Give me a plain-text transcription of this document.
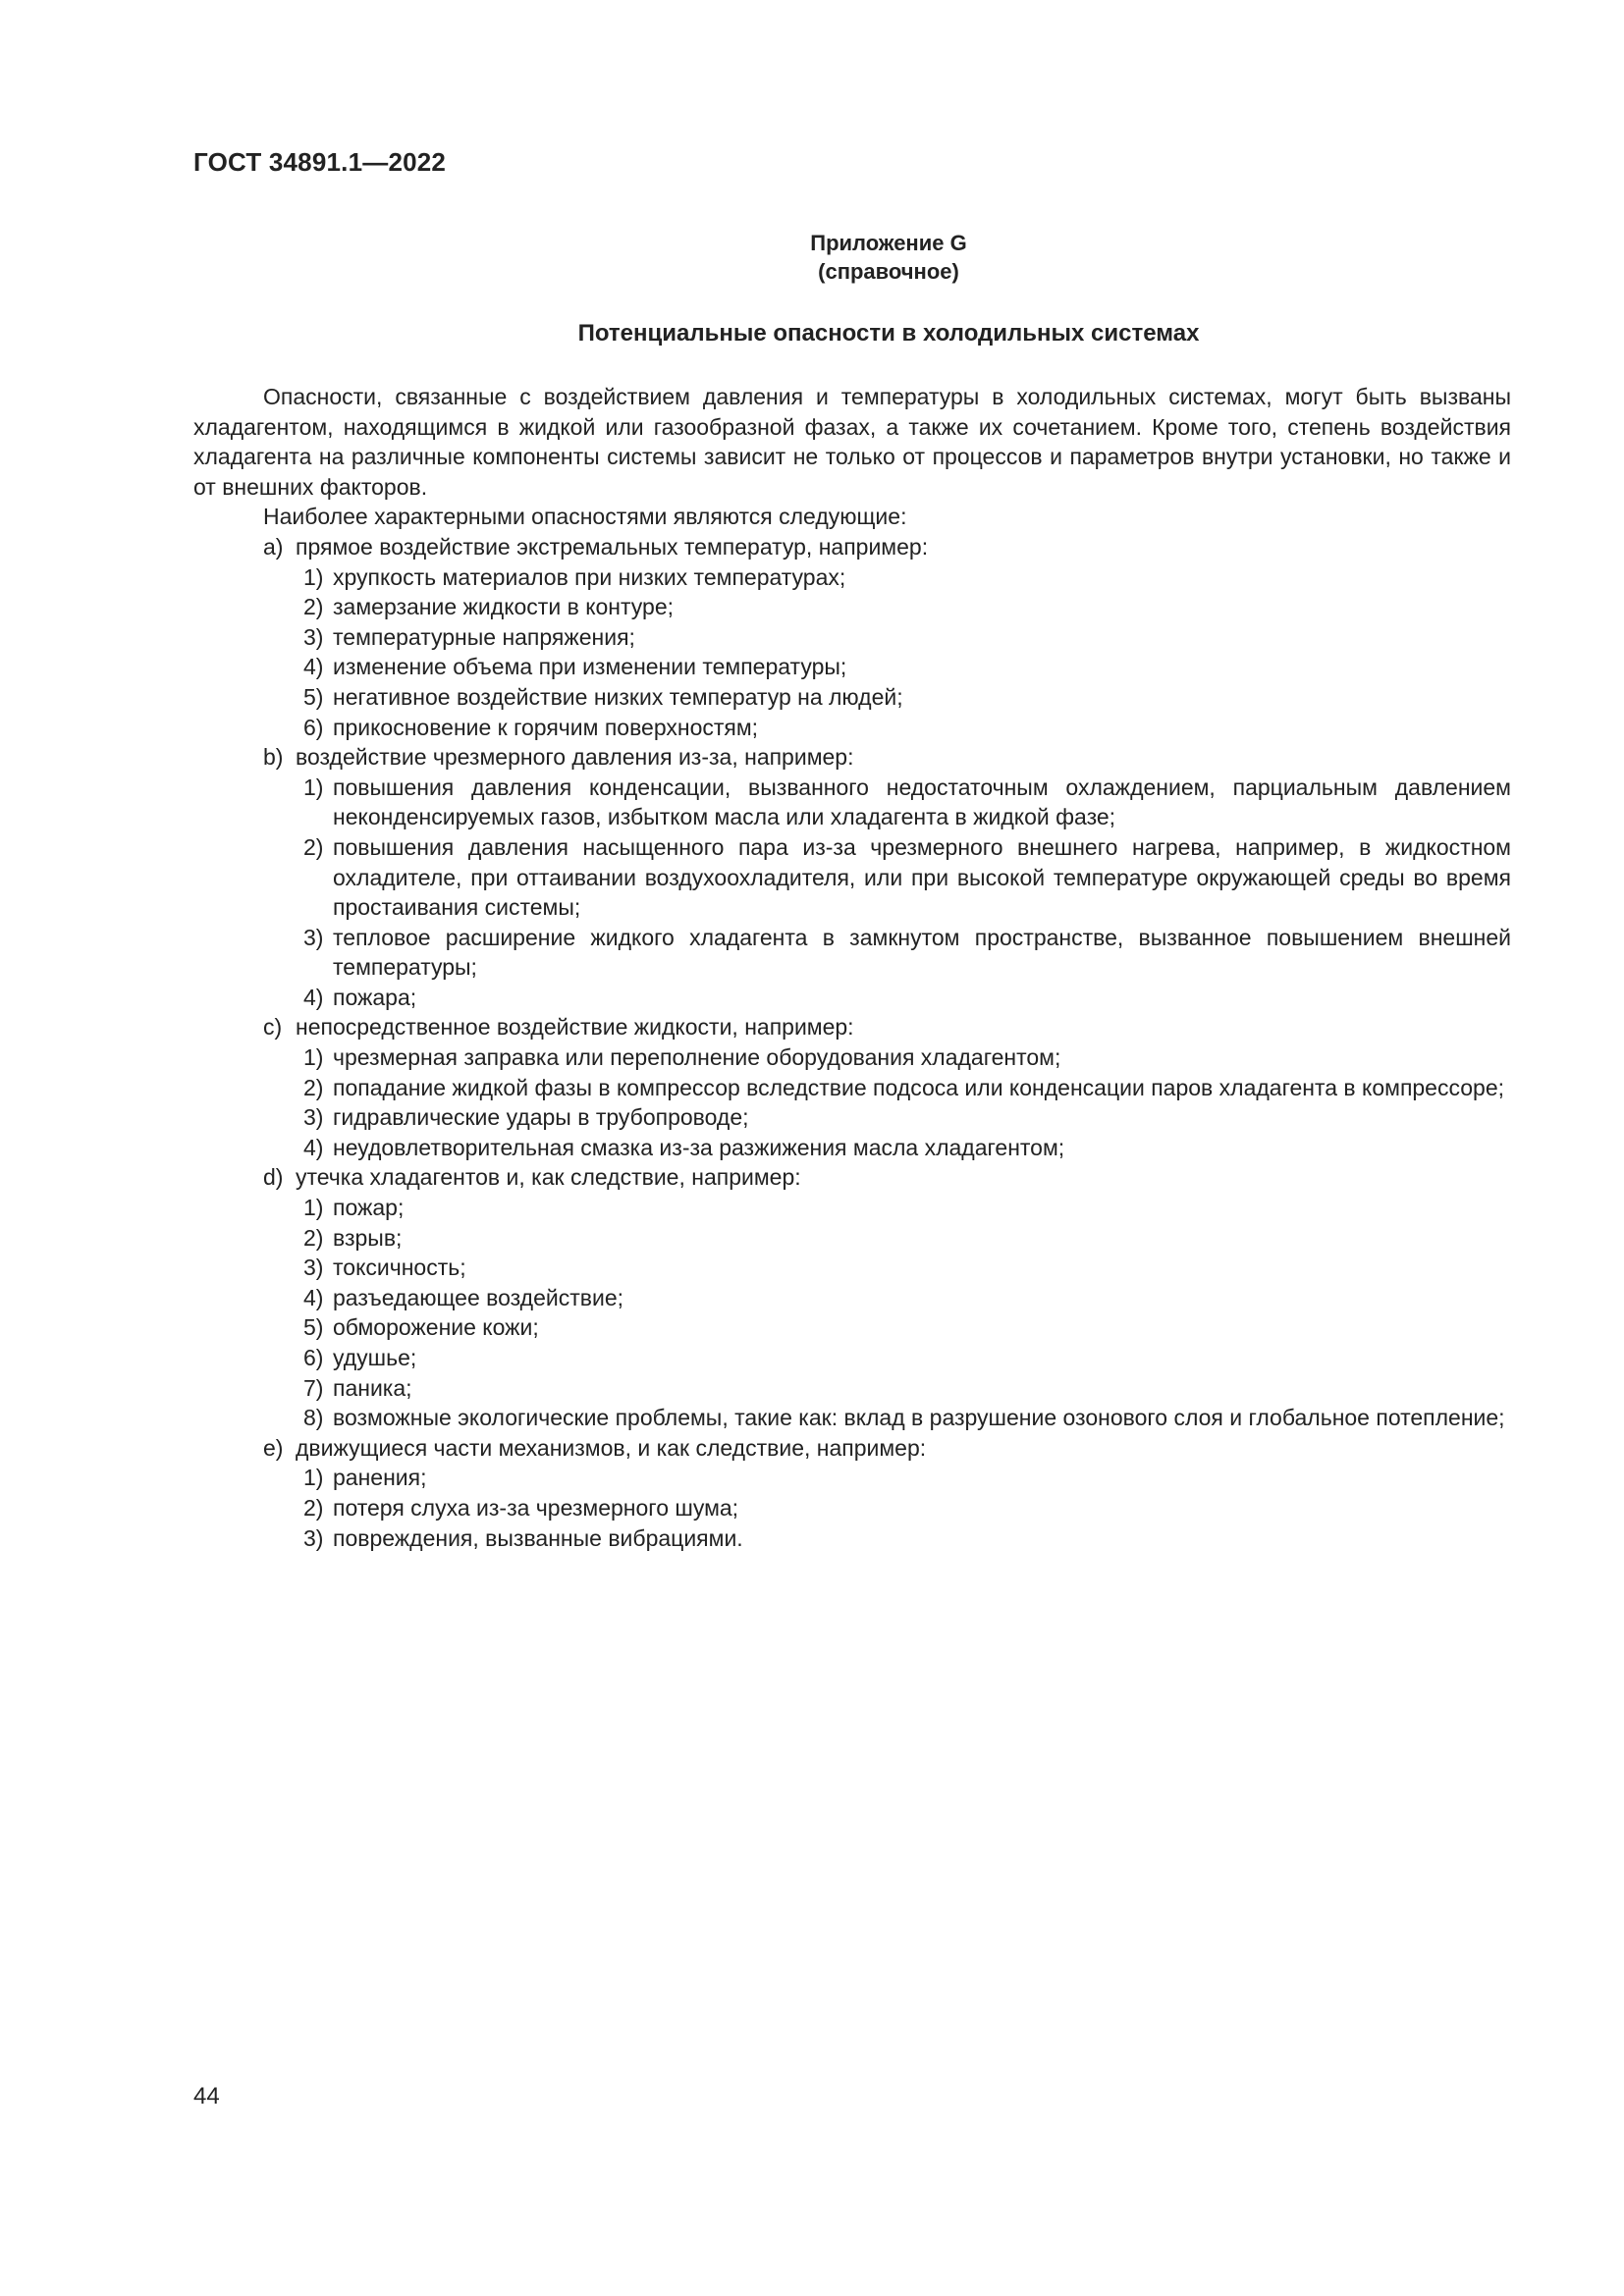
ГОСТ 34891.1—2022
Приложение G
(справочное)
Потенциальные опасности в холодильных системах

Опасности, связанные с воздействием давления и температуры в холодильных системах, могут быть вызваны хладагентом, находящимся в жидкой или газообразной фазах, а также их сочетанием. Кроме того, степень воздействия хладагента на различные компоненты системы зависит не только от процессов и параметров внутри установки, но также и от внешних факторов.

Наиболее характерными опасностями являются следующие:

а) прямое воздействие экстремальных температур, например:
1) хрупкость материалов при низких температурах;
2) замерзание жидкости в контуре;
3) температурные напряжения;
4) изменение объема при изменении температуры;
5) негативное воздействие низких температур на людей;
6) прикосновение к горячим поверхностям;
b) воздействие чрезмерного давления из-за, например:
1) повышения давления конденсации, вызванного недостаточным охлаждением, парциальным давлением неконденсируемых газов, избытком масла или хладагента в жидкой фазе;
2) повышения давления насыщенного пара из-за чрезмерного внешнего нагрева, например, в жидкостном охладителе, при оттаивании воздухоохладителя, или при высокой температуре окружающей среды во время простаивания системы;
3) тепловое расширение жидкого хладагента в замкнутом пространстве, вызванное повышением внешней температуры;
4) пожара;
с) непосредственное воздействие жидкости, например:
1) чрезмерная заправка или переполнение оборудования хладагентом;
2) попадание жидкой фазы в компрессор вследствие подсоса или конденсации паров хладагента в компрессоре;
3) гидравлические удары в трубопроводе;
4) неудовлетворительная смазка из-за разжижения масла хладагентом;
d) утечка хладагентов и, как следствие, например:
1) пожар;
2) взрыв;
3) токсичность;
4) разъедающее воздействие;
5) обморожение кожи;
6) удушье;
7) паника;
8) возможные экологические проблемы, такие как: вклад в разрушение озонового слоя и глобальное потепление;
е) движущиеся части механизмов, и как следствие, например:
1) ранения;
2) потеря слуха из-за чрезмерного шума;
3) повреждения, вызванные вибрациями.
44
